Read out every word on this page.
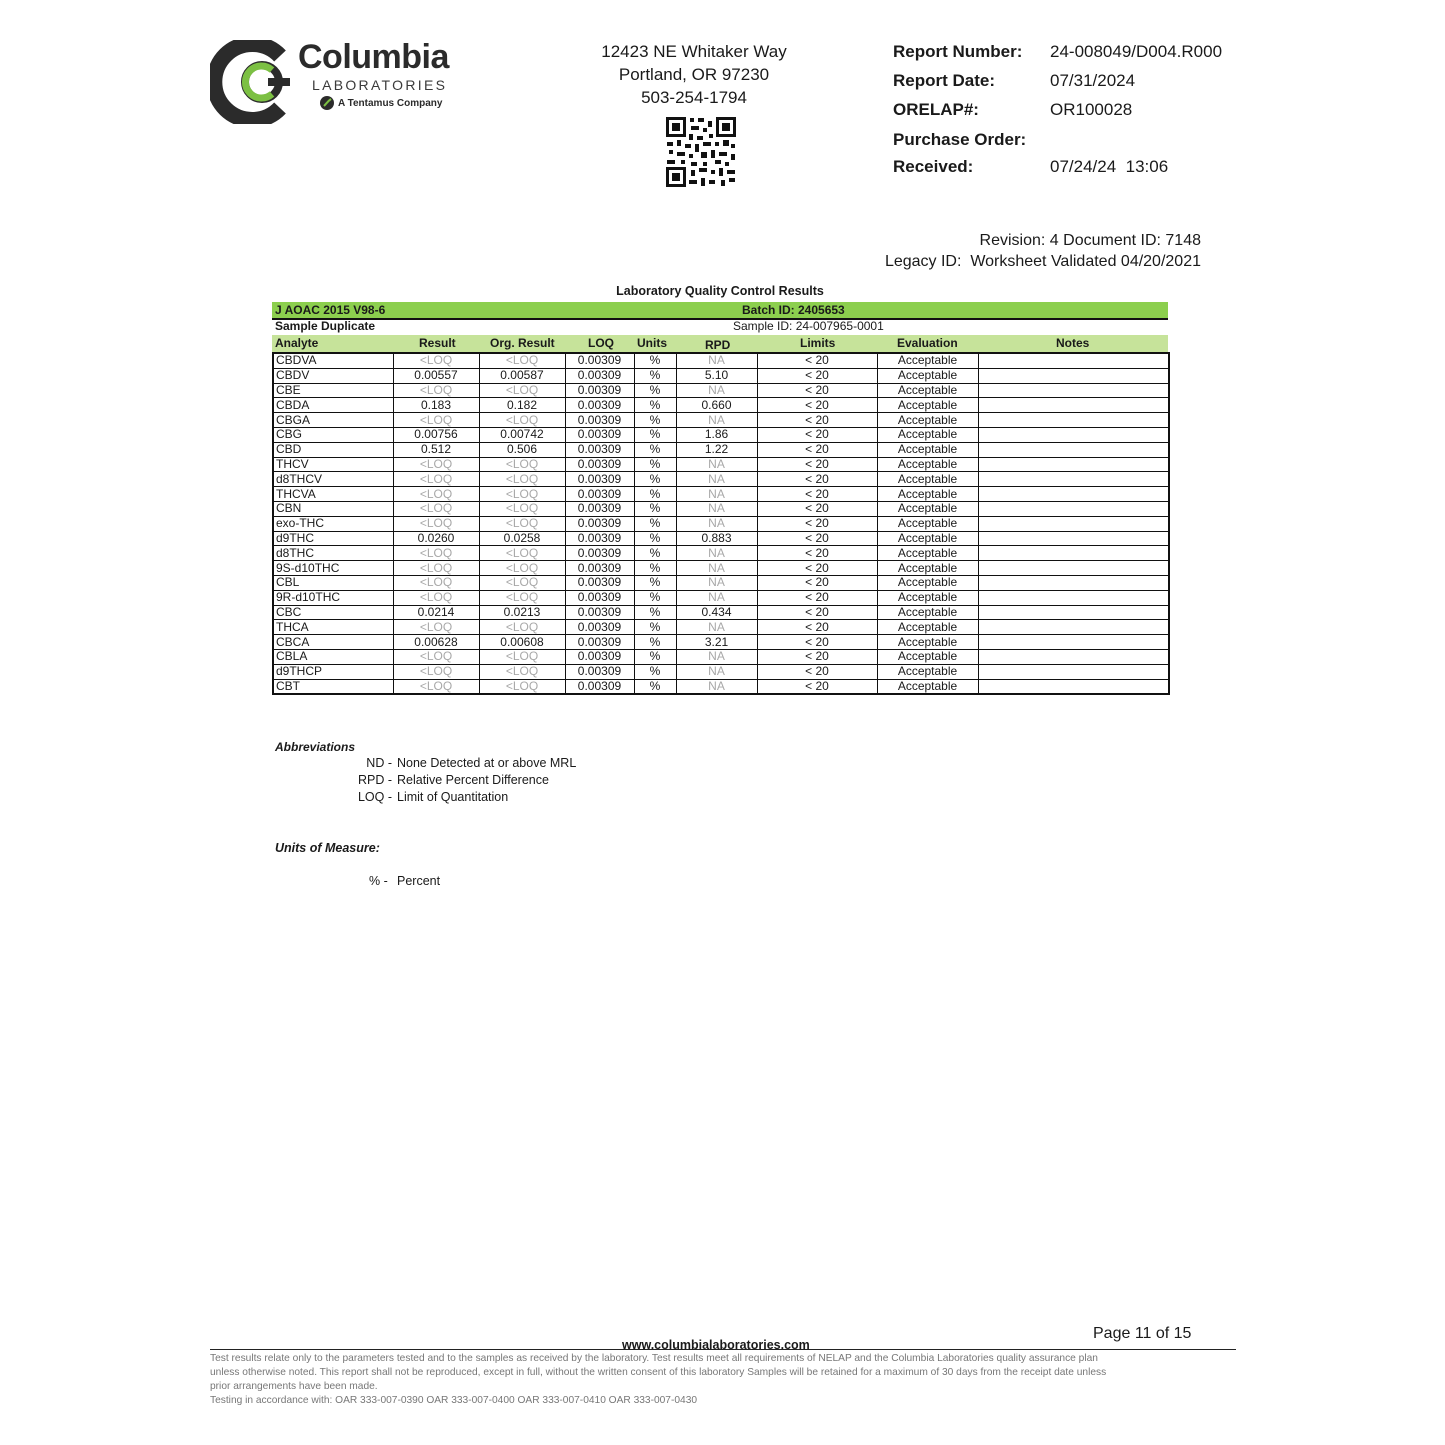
Columbia
LABORATORIES
A Tentamus Company
12423 NE Whitaker Way
Portland, OR 97230
503-254-1794
Report Number: 24-008049/D004.R000
Report Date:	07/31/2024
ORELAP#:	OR100028
Purchase Order:
Received:	07/24/24  13:06
Revision: 4 Document ID: 7148
Legacy ID:  Worksheet Validated 04/20/2021
Laboratory Quality Control Results
J AOAC 2015 V98-6	Batch ID: 2405653
Sample Duplicate	Sample ID: 24-007965-0001
Analyte	Result	Org. Result	LOQ Units	RPD	Limits	Evaluation	Notes
CBDVA	<LOQ	<LOQ	0.00309	%	NA	< 20	Acceptable	
CBDV	0.00557	0.00587	0.00309	%	5.10	< 20	Acceptable	
CBE	<LOQ	<LOQ	0.00309	%	NA	< 20	Acceptable	
CBDA	0.183	0.182	0.00309	%	0.660	< 20	Acceptable	
CBGA	<LOQ	<LOQ	0.00309	%	NA	< 20	Acceptable	
CBG	0.00756	0.00742	0.00309	%	1.86	< 20	Acceptable	
CBD	0.512	0.506	0.00309	%	1.22	< 20	Acceptable	
THCV	<LOQ	<LOQ	0.00309	%	NA	< 20	Acceptable	
d8THCV	<LOQ	<LOQ	0.00309	%	NA	< 20	Acceptable	
THCVA	<LOQ	<LOQ	0.00309	%	NA	< 20	Acceptable	
CBN	<LOQ	<LOQ	0.00309	%	NA	< 20	Acceptable	
exo-THC	<LOQ	<LOQ	0.00309	%	NA	< 20	Acceptable	
d9THC	0.0260	0.0258	0.00309	%	0.883	< 20	Acceptable	
d8THC	<LOQ	<LOQ	0.00309	%	NA	< 20	Acceptable	
9S-d10THC	<LOQ	<LOQ	0.00309	%	NA	< 20	Acceptable	
CBL	<LOQ	<LOQ	0.00309	%	NA	< 20	Acceptable	
9R-d10THC	<LOQ	<LOQ	0.00309	%	NA	< 20	Acceptable	
CBC	0.0214	0.0213	0.00309	%	0.434	< 20	Acceptable	
THCA	<LOQ	<LOQ	0.00309	%	NA	< 20	Acceptable	
CBCA	0.00628	0.00608	0.00309	%	3.21	< 20	Acceptable	
CBLA	<LOQ	<LOQ	0.00309	%	NA	< 20	Acceptable	
d9THCP	<LOQ	<LOQ	0.00309	%	NA	< 20	Acceptable	
CBT	<LOQ	<LOQ	0.00309	%	NA	< 20	Acceptable	
Abbreviations
ND - None Detected at or above MRL
RPD - Relative Percent Difference
LOQ - Limit of Quantitation
Units of Measure:
% - Percent
Page 11 of 15
www.columbialaboratories.com
Test results relate only to the parameters tested and to the samples as received by the laboratory. Test results meet all requirements of NELAP and the Columbia Laboratories quality assurance plan
unless otherwise noted. This report shall not be reproduced, except in full, without the written consent of this laboratory Samples will be retained for a maximum of 30 days from the receipt date unless
prior arrangements have been made.
Testing in accordance with: OAR 333-007-0390 OAR 333-007-0400 OAR 333-007-0410 OAR 333-007-0430
